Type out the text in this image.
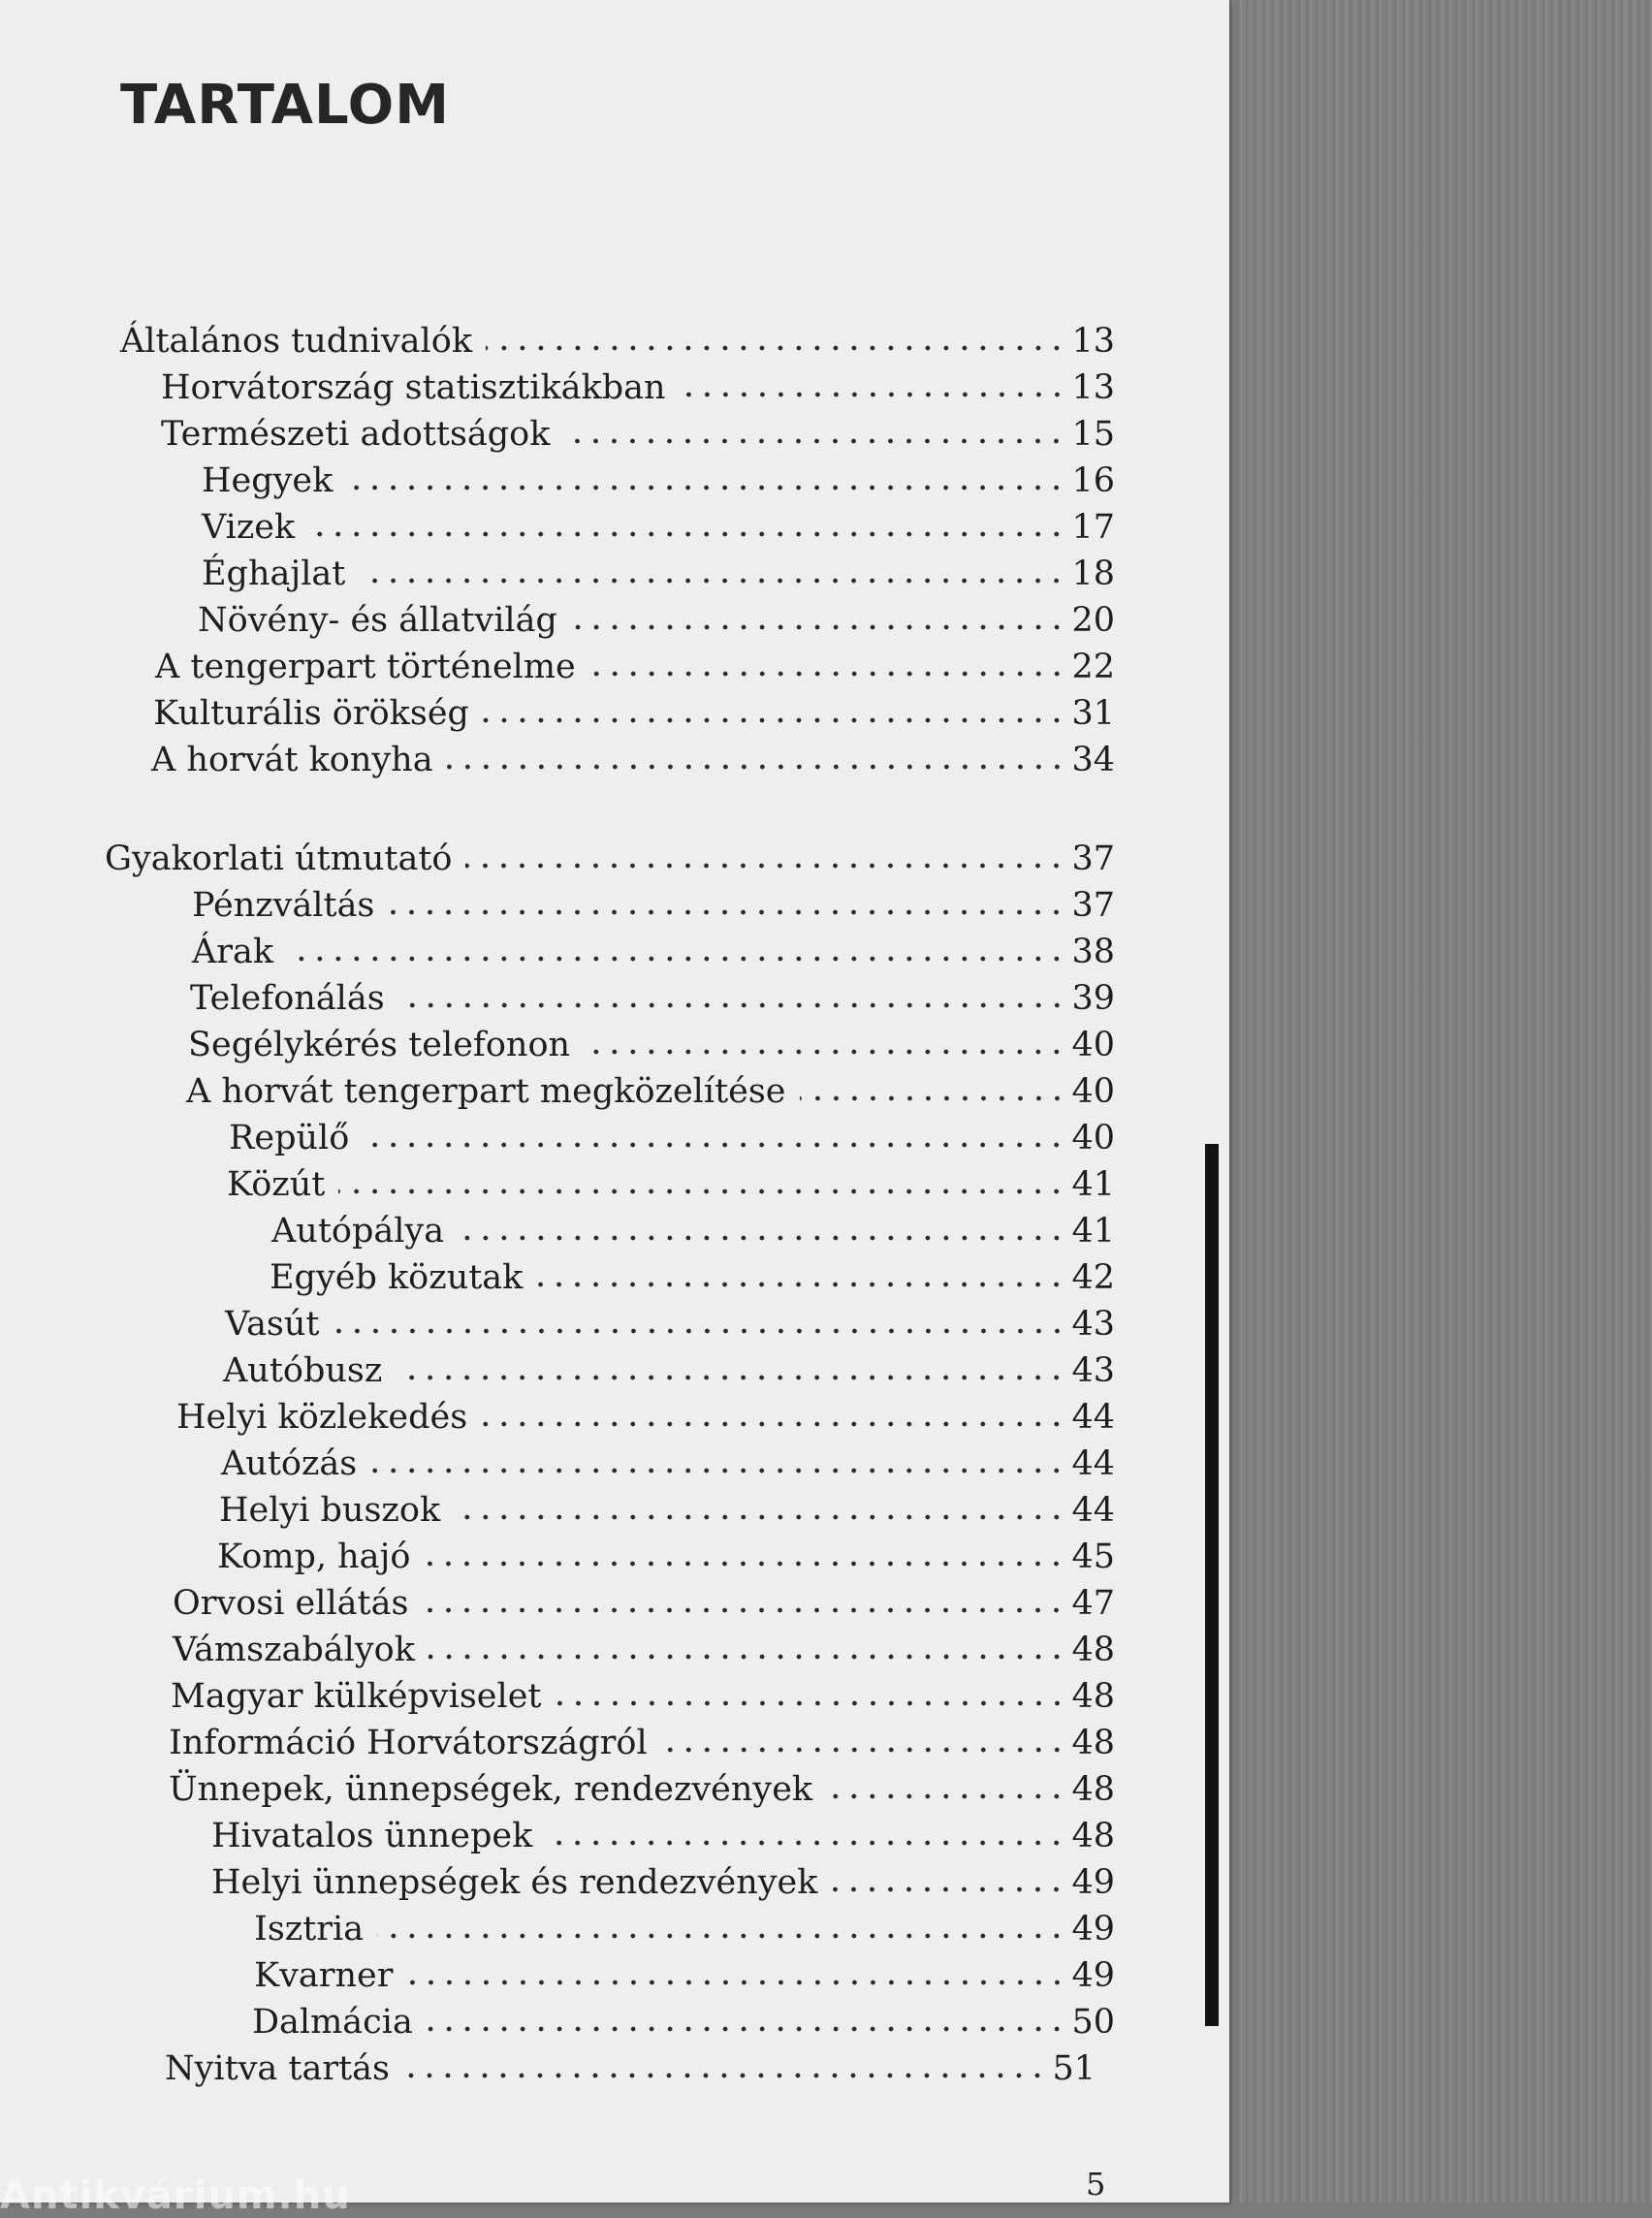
TARTALOM
Általános tudnivalók	13
Horvátország statisztikákban	13
Természeti adottságok	15
Hegyek	16
Vizek	17
Éghajlat	18
Növény- és állatvilág	20
A tengerpart történelme	22
Kulturális örökség	31
A horvát konyha	34
Gyakorlati útmutató	37
Pénzváltás	37
Árak	38
Telefonálás	39
Segélykérés telefonon	40
A horvát tengerpart megközelítése	40
Repülő	40
Közút	41
Autópálya	41
Egyéb közutak	42
Vasút	43
Autóbusz	43
Helyi közlekedés	44
Autózás	44
Helyi buszok	44
Komp, hajó	45
Orvosi ellátás	47
Vámszabályok	48
Magyar külképviselet	48
Információ Horvátországról	48
Ünnepek, ünnepségek, rendezvények	48
Hivatalos ünnepek	48
Helyi ünnepségek és rendezvények	49
Isztria	49
Kvarner	49
Dalmácia	50
Nyitva tartás	51
5
Antikvárium.hu
